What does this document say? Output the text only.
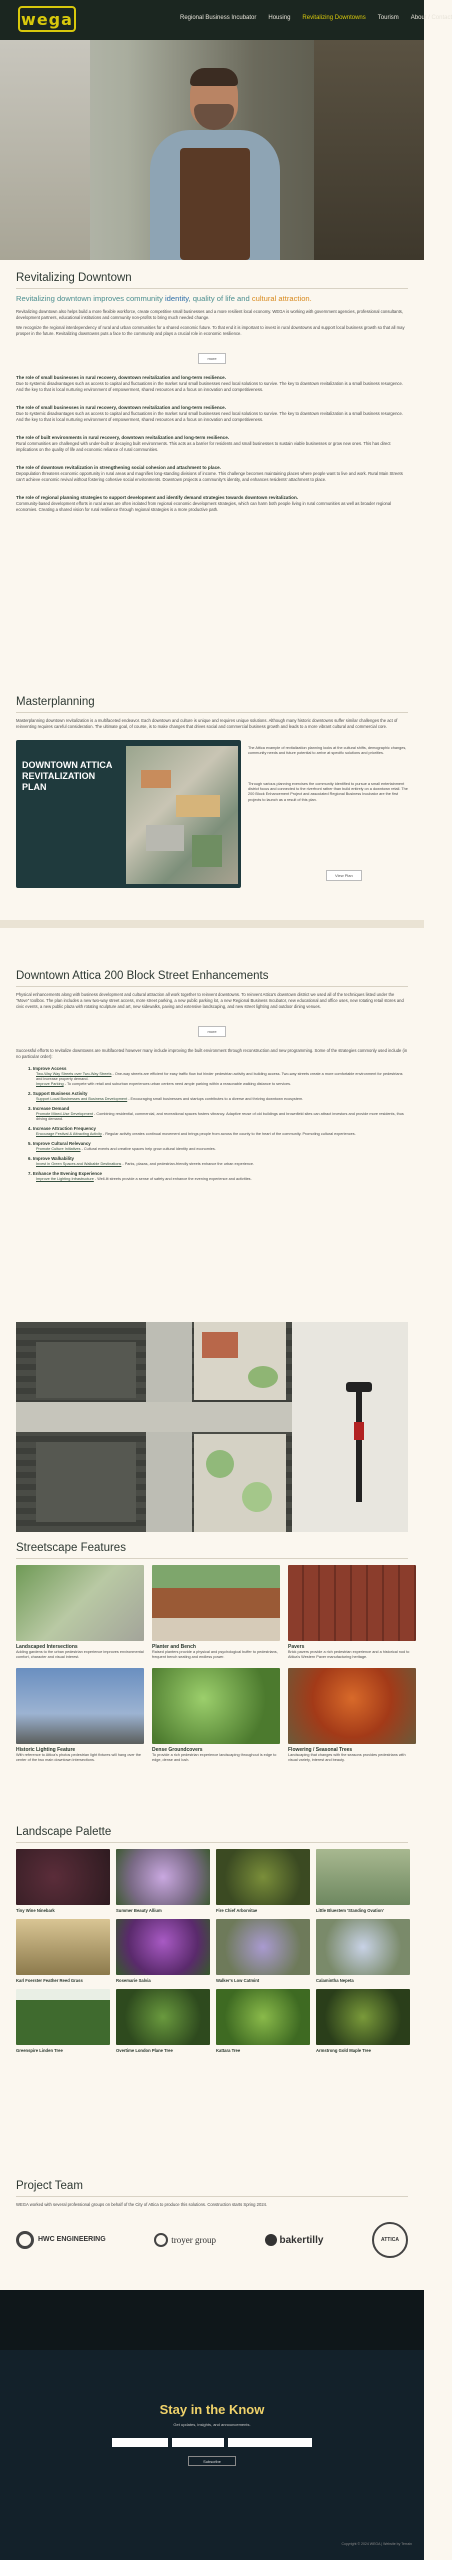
wega	Regional Business Incubator Housing Revitalizing Downtowns Tourism About / Contact
Revitalizing Downtown
Revitalizing downtown improves community identity, quality of life and cultural attraction.

Revitalizing downtown also helps build a more flexible workforce, create competitive small businesses and a more resilient local economy. WEGA is working with government agencies, professional consultants, development partners, educational institutions and community non-profits to bring much needed change.

We recognize the regional interdependency of rural and urban communities for a shared economic future. To that end it is important to invest in rural downtowns and support local business growth so that all may prosper in the future. Revitalizing downtowns puts a face to the community and plays a crucial role in economic resilience.

more
The role of small businesses in rural recovery, downtown revitalization and long-term resilience.

Due to systemic disadvantages such as access to capital and fluctuations in the market rural small businesses need local solutions to survive. The key to downtown revitalization is a small business resurgence. And the key to that is local nurturing environment of empowerment, shared resources and a focus on innovation and competitiveness.

The role of small businesses in rural recovery, downtown revitalization and long-term resilience.

Due to systemic disadvantages such as access to capital and fluctuations in the market rural small businesses need local solutions to survive. The key to downtown revitalization is a small business resurgence. And the key to that is local nurturing environment of empowerment, shared resources and a focus on innovation and competitiveness.

The role of built environments in rural recovery, downtown revitalization and long-term resilience.

Rural communities are challenged with under-built or decaying built environments. This acts as a barrier for residents and small businesses to sustain viable businesses or grow new ones. This has direct implications on the quality of life and economic reliance of rural communities.

The role of downtown revitalization in strengthening social cohesion and attachment to place.

Depopulation threatens economic opportunity in rural areas and magnifies long-standing divisions of income. This challenge becomes maintaining places where people want to live and work. Rural Main Streets can't achieve economic revival without fostering cohesive social environments. Downtown projects a community's identity, and enhances residents' attachment to place.

The role of regional planning strategies to support development and identify demand strategies towards downtown revitalization.

Community-based development efforts in rural areas are often isolated from regional economic development strategies, which can harm both people living in rural communities as well as broader regional economies. Creating a shared vision for rural resilience through regional strategies is a more productive path.

Masterplanning

Masterplanning downtown revitalization is a multifaceted endeavor. Each downtown and culture is unique and requires unique solutions. Although many historic downtowns suffer similar challenges the act of reinventing requires careful consideration. The ultimate goal, of course, is to make changes that drives social and commercial business growth and leads to a more vibrant cultural and commercial core.

DOWNTOWN ATTICA REVITALIZATION PLAN

The Attica example of revitalization planning looks at the cultural shifts, demographic changes, community needs and future potential to arrive at specific solutions and priorities.

Through various planning exercises the community identified to pursue a small entertainment district focus and connected to the riverfront rather than build entirely on a downtown retail. The 200 Block Enhancement Project and associated Regional Business Incubator are the first projects to launch as a result of this plan.

View Plan
Downtown Attica 200 Block Street Enhancements

Physical enhancements along with business development and cultural attraction all work together to reinvent downtowns. To reinvent Attica's downtown district we used all of the techniques listed under the "Move" toolbox. The plan includes a new two-way street access, more street parking, a new public parking lot, a new Regional Business Incubator, new educational and office uses, new rotating retail stores and civic events, a new public plaza with rotating sculpture and art, new sidewalks, paving and extensive landscaping, and new street lighting and outdoor dining venues.

more

Successful efforts to revitalize downtowns are multifaceted however many include improving the built environment through reconstruction and new programming. Some of the strategies commonly used include (in no particular order):

1. Improve Access

Two-Way Way Streets over Two-Way Streets - One-way streets are efficient for easy traffic flow but hinder pedestrian activity and building access. Two-way streets create a more comfortable environment for pedestrians and increase property demand.

Improve Parking - To compete with retail and suburban experiences urban centers need ample parking within a reasonable walking distance to services.

2. Support Business Activity

Support Local Businesses and Business Development - Encouraging small businesses and startups contributes to a diverse and thriving downtown ecosystem.

3. Increase Demand

Promote Mixed-Use Development - Combining residential, commercial, and recreational spaces fosters vibrancy. Adaptive reuse of old buildings and brownfield sites can attract investors and provide more residents, thus driving demand.

4. Increase Attraction Frequency

Encourage Festival & Attracting Activity - Regular activity creates continual movement and brings people from across the county to the heart of the community. Promoting cultural experiences.

5. Improve Cultural Relevancy

Promote Culture Initiatives - Cultural events and creative spaces help grow cultural identity and economies.

6. Improve Walkability

Invest in Green Spaces and Walkable Destinations - Parks, plazas, and pedestrian-friendly streets enhance the urban experience.

7. Enhance the Evening Experience

Improve the Lighting Infrastructure - Well-lit streets provide a sense of safety and enhance the evening experience and activities.

Streetscape Features
Landscaped Intersections
Adding gardens to the urban pedestrian experience improves environmental comfort, character and visual interest.
Planter and Bench
Raised planters provide a physical and psychological buffer to pedestrians, frequent bench seating and endless power.
Pavers
Brick pavers provide a rich pedestrian experience and a historical nod to Attica's Western Paver manufacturing heritage.
Historic Lighting Feature
With reference to Attica's photos pedestrian light fixtures will hang over the center of the two main downtown intersections.
Dense Groundcovers
To provide a rich pedestrian experience landscaping throughout is edge to edge, dense and lush.
Flowering / Seasonal Trees
Landscaping that changes with the seasons provides pedestrians with visual variety, interest and beauty.
Landscape Palette
Tiny Wine Ninebark	Summer Beauty Allium	Fire Chief Arborvitae	Little Bluestem 'Standing Ovation'
Karl Foerster Feather Reed Grass	Rosemarie Salvia	Walker's Low Catmint	Calamintha Nepeta
Greenspire Linden Tree	Overtime London Plane Tree	Kattara Tree	Armstrong Gold Maple Tree
Project Team

WEGA worked with several professional groups on behalf of the City of Attica to produce this solutions. Construction starts Spring 2024.

HWC ENGINEERING	troyer group	bakertilly	ATTICA
Stay in the Know
Get updates, insights, and announcements.
Subscribe
Copyright © 2024 WEGA | Website by Terrain
